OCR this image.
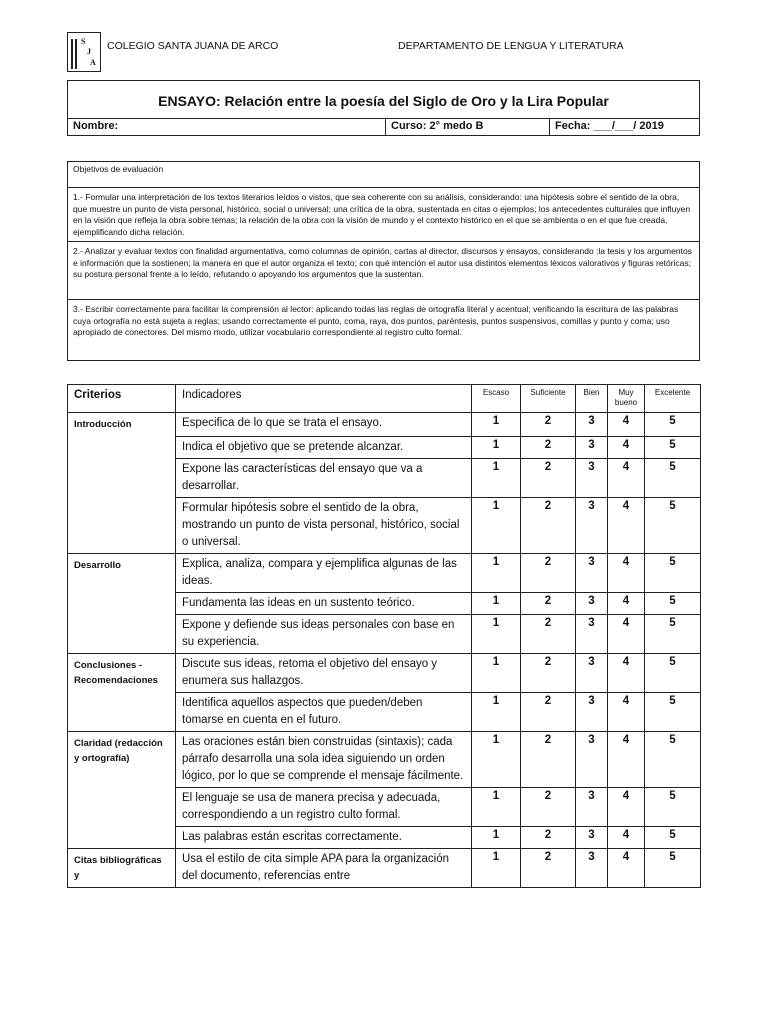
S
J
A
COLEGIO SANTA JUANA DE ARCO	DEPARTAMENTO DE LENGUA Y LITERATURA
ENSAYO: Relación entre la poesía del Siglo de Oro y la Lira Popular
Nombre:	Curso: 2° medo B	Fecha: ___/___/ 2019
Objetivos de evaluación
1.- Formular una interpretación de los textos literarios leídos o vistos, que sea coherente con su análisis, considerando: una hipótesis sobre el sentido de la obra, que muestre un punto de vista personal, histórico, social o universal; una crítica de la obra, sustentada en citas o ejemplos; los antecedentes culturales que influyen en la visión que refleja la obra sobre temas; la relación de la obra con la visión de mundo y el contexto histórico en el que se ambienta o en el que fue creada, ejemplificando dicha relación.
2.- Analizar y evaluar textos con finalidad argumentativa, como columnas de opinión, cartas al director, discursos y ensayos, considerando :la tesis y los argumentos e información que la sostienen; la manera en que el autor organiza el texto; con qué intención el autor usa distintos elementos léxicos valorativos y figuras retóricas; su postura personal frente a lo leído, refutando o apoyando los argumentos que la sustentan.
3.- Escribir correctamente para facilitar la comprensión al lector: aplicando todas las reglas de ortografía literal y acentual; verificando la escritura de las palabras cuya ortografía no está sujeta a reglas; usando correctamente el punto, coma, raya, dos puntos, paréntesis, puntos suspensivos, comillas y punto y coma; uso apropiado de conectores. Del mismo modo, utilizar vocabulario correspondiente al registro culto formal.
Criterios	Indicadores	Escaso	Suficiente	Bien	Muy bueno	Excelente
Introducción	Especifica de lo que se trata el ensayo.	1	2	3	4	5
	Indica el objetivo que se pretende alcanzar.	1	2	3	4	5
	Expone las características del ensayo que va a desarrollar.	1	2	3	4	5
	Formular hipótesis sobre el sentido de la obra, mostrando un punto de vista personal, histórico, social o universal.	1	2	3	4	5
Desarrollo	Explica, analiza, compara y ejemplifica algunas de las ideas.	1	2	3	4	5
	Fundamenta las ideas en un sustento teórico.	1	2	3	4	5
	Expone y defiende sus ideas personales con base en su experiencia.	1	2	3	4	5
Conclusiones - Recomendaciones	Discute sus ideas, retoma el objetivo del ensayo y enumera sus hallazgos.	1	2	3	4	5
	Identifica aquellos aspectos que pueden/deben tomarse en cuenta en el futuro.	1	2	3	4	5
Claridad (redacción y ortografía)	Las oraciones están bien construidas (sintaxis); cada párrafo desarrolla una sola idea siguiendo un orden lógico, por lo que se comprende el mensaje fácilmente.	1	2	3	4	5
	El lenguaje se usa de manera precisa y adecuada, correspondiendo a un registro culto formal.	1	2	3	4	5
	Las palabras están escritas correctamente.	1	2	3	4	5
Citas bibliográficas y	Usa el estilo de cita simple APA para la organización del documento, referencias entre	1	2	3	4	5
